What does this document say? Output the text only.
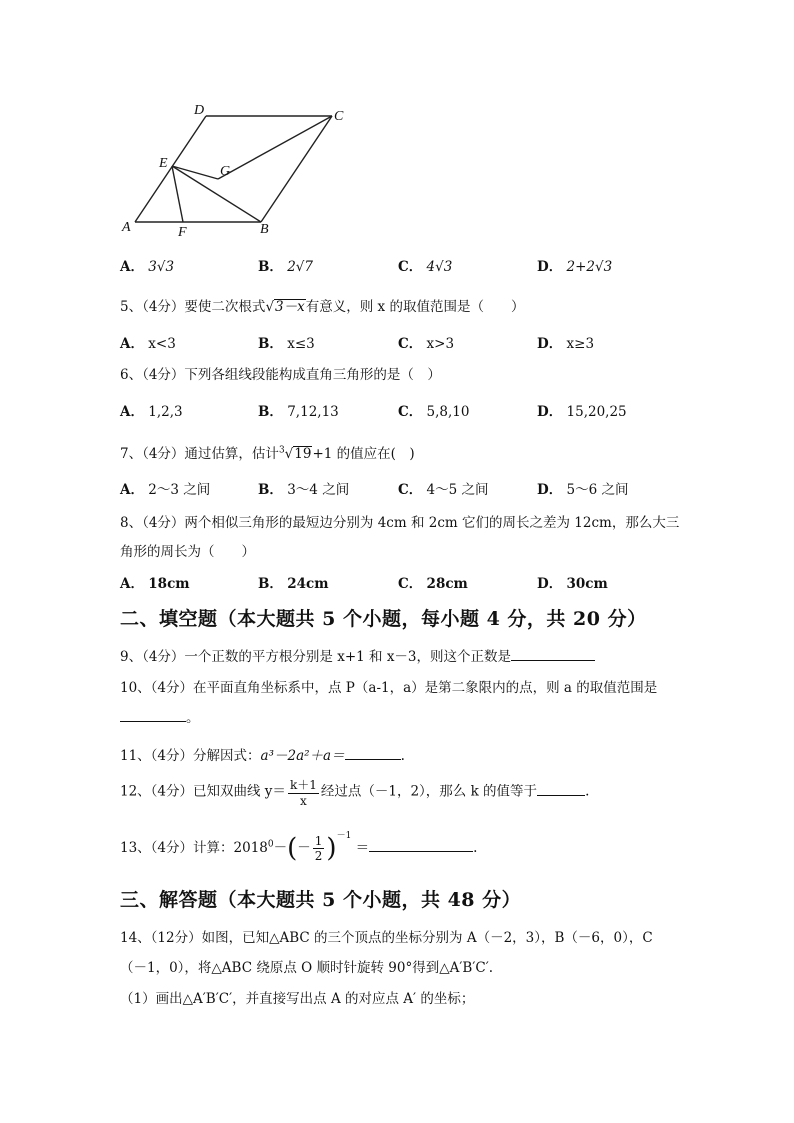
D	C
E
G
A	F	B
A． 3√3	B． 2√7	C． 4√3	D． 2+2√3
5、（4分）要使二次根式√3－x有意义，则 x 的取值范围是（　　）
A． x<3	B． x≤3	C． x>3	D． x≥3
6、（4分）下列各组线段能构成直角三角形的是（　）
A． 1,2,3	B． 7,12,13	C． 5,8,10	D． 15,20,25
7、（4分）通过估算，估计$^3$√19+1 的值应在(　)
A． 2～3 之间	B． 3～4 之间	C． 4～5 之间	D． 5～6 之间
8、（4分）两个相似三角形的最短边分别为 4cm 和 2cm 它们的周长之差为 12cm，那么大三
角形的周长为（　　）
A． 18cm	B． 24cm	C． 28cm	D． 30cm
二、填空题（本大题共 5 个小题，每小题 4 分，共 20 分）
9、（4分）一个正数的平方根分别是 x+1 和 x－3，则这个正数是
10、（4分）在平面直角坐标系中，点 P（a-1，a）是第二象限内的点，则 a 的取值范围是
。
11、（4分）分解因式：a³－2a²＋a＝	.
12、（4分）已知双曲线 $y= \frac{k+1}{x}$ 经过点（－1，2），那么 k 的值等于	.
13、（4分）计算：$2018^0-(- \frac{1}{2} )^{-1}$ ＝	.
三、解答题（本大题共 5 个小题，共 48 分）
14、（12分）如图，已知△ABC 的三个顶点的坐标分别为 A（－2，3），B（－6，0），C
（－1，0），将△ABC 绕原点 O 顺时针旋转 90°得到△A′B′C′.
（1）画出△A′B′C′，并直接写出点 A 的对应点 A′ 的坐标；
